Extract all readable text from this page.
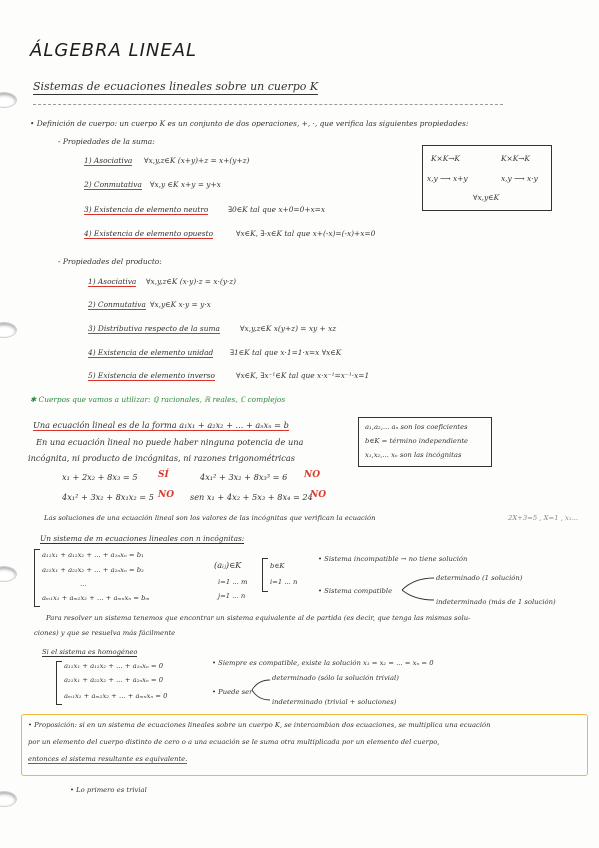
ÁLGEBRA LINEAL
Sistemas de ecuaciones lineales sobre un cuerpo K
• Definición de cuerpo: un cuerpo K es un conjunto de dos operaciones, +, ·, que verifica las siguientes propiedades:
- Propiedades de la suma:
1) Asociativa ∀x,y,z∈K (x+y)+z = x+(y+z)
2) Conmutativa ∀x,y ∈K x+y = y+x
3) Existencia de elemento neutro	∃0∈K tal que x+0=0+x=x
4) Existencia de elemento opuesto	∀x∈K, ∃-x∈K tal que x+(-x)=(-x)+x=0
K×K→K	K×K→K
x,y ⟶ x+y	x,y ⟶ x·y
∀x,y∈K
- Propiedades del producto:
1) Asociativa ∀x,y,z∈K (x·y)·z = x·(y·z)
2) Conmutativa ∀x,y∈K x·y = y·x
3) Distributiva respecto de la suma	∀x,y,z∈K x(y+z) = xy + xz
4) Existencia de elemento unidad ∃1∈K tal que x·1=1·x=x ∀x∈K
5) Existencia de elemento inverso	∀x∈K, ∃x⁻¹∈K tal que x·x⁻¹=x⁻¹·x=1
✱ Cuerpos que vamos a utilizar: ℚ racionales, ℝ reales, ℂ complejos
Una ecuación lineal es de la forma a₁x₁ + a₂x₂ + ... + aₙxₙ = b
En una ecuación lineal no puede haber ninguna potencia de una
incógnita, ni producto de incógnitas, ni razones trigonométricas
a₁,a₂,... aₙ son los coeficientes
b∈K = término independiente
x₁,x₂,... xₙ son las incógnitas
x₁ + 2x₂ + 8x₃ = 5 SÍ	4x₁² + 3x₂ + 8x₃³ = 6 NO
4x₁² + 3x₂ + 8x₁x₂ = 5 NO sen x₁ + 4x₂ + 5x₃ + 8x₄ = 24
NO
Las soluciones de una ecuación lineal son los valores de las incógnitas que verifican la ecuación	2X+3=5 , X=1 , x₁...
Un sistema de m ecuaciones lineales con n incógnitas:
a₁₁x₁ + a₁₂x₂ + ... + a₁ₙxₙ = b₁
a₂₁x₁ + a₂₂x₂ + ... + a₂ₙxₙ = b₂
...
aₘ₁x₁ + aₘ₂x₂ + ... + aₘₙxₙ = bₘ
(aᵢⱼ)∈K
i=1 ... m
j=1 ... n
b∈K
i=1 ... n
• Sistema incompatible → no tiene solución
• Sistema compatible
determinado (1 solución)
indeterminado (más de 1 solución)
Para resolver un sistema tenemos que encontrar un sistema equivalente al de partida (es decir, que tenga las mismas solu-
ciones) y que se resuelva más fácilmente
Si el sistema es homogéneo
a₁₁x₁ + a₁₂x₂ + ... + a₁ₙxₙ = 0
a₂₁x₁ + a₂₂x₂ + ... + a₂ₙxₙ = 0
aₘ₁x₁ + aₘ₂x₂ + ... + aₘₙxₙ = 0
• Siempre es compatible, existe la solución x₁ = x₂ = ... = xₙ = 0
• Puede ser
determinado (sólo la solución trivial)
indeterminado (trivial + soluciones)
• Proposición: si en un sistema de ecuaciones lineales sobre un cuerpo K, se intercambian dos ecuaciones, se multiplica una ecuación
por un elemento del cuerpo distinto de cero o a una ecuación se le suma otra multiplicada por un elemento del cuerpo,
entonces el sistema resultante es equivalente.
• Lo primero es trivial
